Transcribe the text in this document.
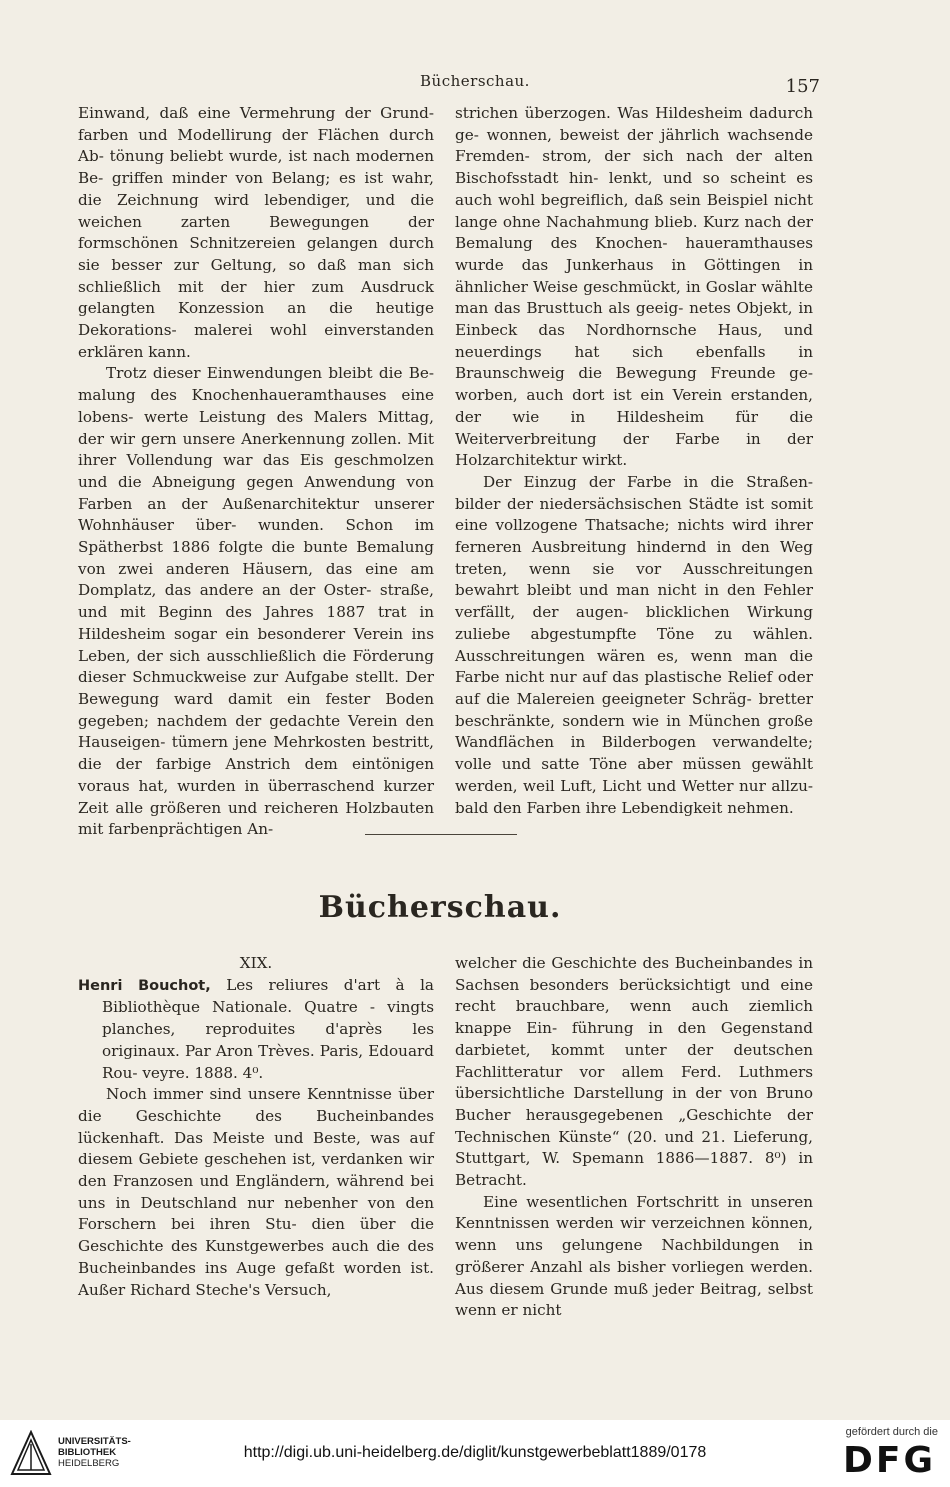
Bücherschau.	157

Einwand, daß eine Vermehrung der Grund- farben und Modellirung der Flächen durch Ab- tönung beliebt wurde, ist nach modernen Be- griffen minder von Belang; es ist wahr, die Zeichnung wird lebendiger, und die weichen zarten Bewegungen der formschönen Schnitzereien gelangen durch sie besser zur Geltung, so daß man sich schließlich mit der hier zum Ausdruck gelangten Konzession an die heutige Dekorations- malerei wohl einverstanden erklären kann.

Trotz dieser Einwendungen bleibt die Be- malung des Knochenhaueramthauses eine lobens- werte Leistung des Malers Mittag, der wir gern unsere Anerkennung zollen. Mit ihrer Vollendung war das Eis geschmolzen und die Abneigung gegen Anwendung von Farben an der Außenarchitektur unserer Wohnhäuser über- wunden. Schon im Spätherbst 1886 folgte die bunte Bemalung von zwei anderen Häusern, das eine am Domplatz, das andere an der Oster- straße, und mit Beginn des Jahres 1887 trat in Hildesheim sogar ein besonderer Verein ins Leben, der sich ausschließlich die Förderung dieser Schmuckweise zur Aufgabe stellt. Der Bewegung ward damit ein fester Boden gegeben; nachdem der gedachte Verein den Hauseigen- tümern jene Mehrkosten bestritt, die der farbige Anstrich dem eintönigen voraus hat, wurden in überraschend kurzer Zeit alle größeren und reicheren Holzbauten mit farbenprächtigen An-

strichen überzogen. Was Hildesheim dadurch ge- wonnen, beweist der jährlich wachsende Fremden- strom, der sich nach der alten Bischofsstadt hin- lenkt, und so scheint es auch wohl begreiflich, daß sein Beispiel nicht lange ohne Nachahmung blieb. Kurz nach der Bemalung des Knochen- haueramthauses wurde das Junkerhaus in Göttingen in ähnlicher Weise geschmückt, in Goslar wählte man das Brusttuch als geeig- netes Objekt, in Einbeck das Nordhornsche Haus, und neuerdings hat sich ebenfalls in Braunschweig die Bewegung Freunde ge- worben, auch dort ist ein Verein erstanden, der wie in Hildesheim für die Weiterverbreitung der Farbe in der Holzarchitektur wirkt.

Der Einzug der Farbe in die Straßen- bilder der niedersächsischen Städte ist somit eine vollzogene Thatsache; nichts wird ihrer ferneren Ausbreitung hindernd in den Weg treten, wenn sie vor Ausschreitungen bewahrt bleibt und man nicht in den Fehler verfällt, der augen- blicklichen Wirkung zuliebe abgestumpfte Töne zu wählen. Ausschreitungen wären es, wenn man die Farbe nicht nur auf das plastische Relief oder auf die Malereien geeigneter Schräg- bretter beschränkte, sondern wie in München große Wandflächen in Bilderbogen verwandelte; volle und satte Töne aber müssen gewählt werden, weil Luft, Licht und Wetter nur allzu- bald den Farben ihre Lebendigkeit nehmen.

Bücherschau.

XIX.

Henri Bouchot, Les reliures d'art à la Bibliothèque Nationale. Quatre - vingts planches, reproduites d'après les originaux. Par Aron Trèves. Paris, Edouard Rou- veyre. 1888. 4⁰.

Noch immer sind unsere Kenntnisse über die Geschichte des Bucheinbandes lückenhaft. Das Meiste und Beste, was auf diesem Gebiete geschehen ist, verdanken wir den Franzosen und Engländern, während bei uns in Deutschland nur nebenher von den Forschern bei ihren Stu- dien über die Geschichte des Kunstgewerbes auch die des Bucheinbandes ins Auge gefaßt worden ist. Außer Richard Steche's Versuch,

welcher die Geschichte des Bucheinbandes in Sachsen besonders berücksichtigt und eine recht brauchbare, wenn auch ziemlich knappe Ein- führung in den Gegenstand darbietet, kommt unter der deutschen Fachlitteratur vor allem Ferd. Luthmers übersichtliche Darstellung in der von Bruno Bucher herausgegebenen „Geschichte der Technischen Künste“ (20. und 21. Lieferung, Stuttgart, W. Spemann 1886—1887. 8⁰) in Betracht.

Eine wesentlichen Fortschritt in unseren Kenntnissen werden wir verzeichnen können, wenn uns gelungene Nachbildungen in größerer Anzahl als bisher vorliegen werden. Aus diesem Grunde muß jeder Beitrag, selbst wenn er nicht

UNIVERSITÄTS-
BIBLIOTHEK
HEIDELBERG

http://digi.ub.uni-heidelberg.de/diglit/kunstgewerbeblatt1889/0178
gefördert durch die
DFG
